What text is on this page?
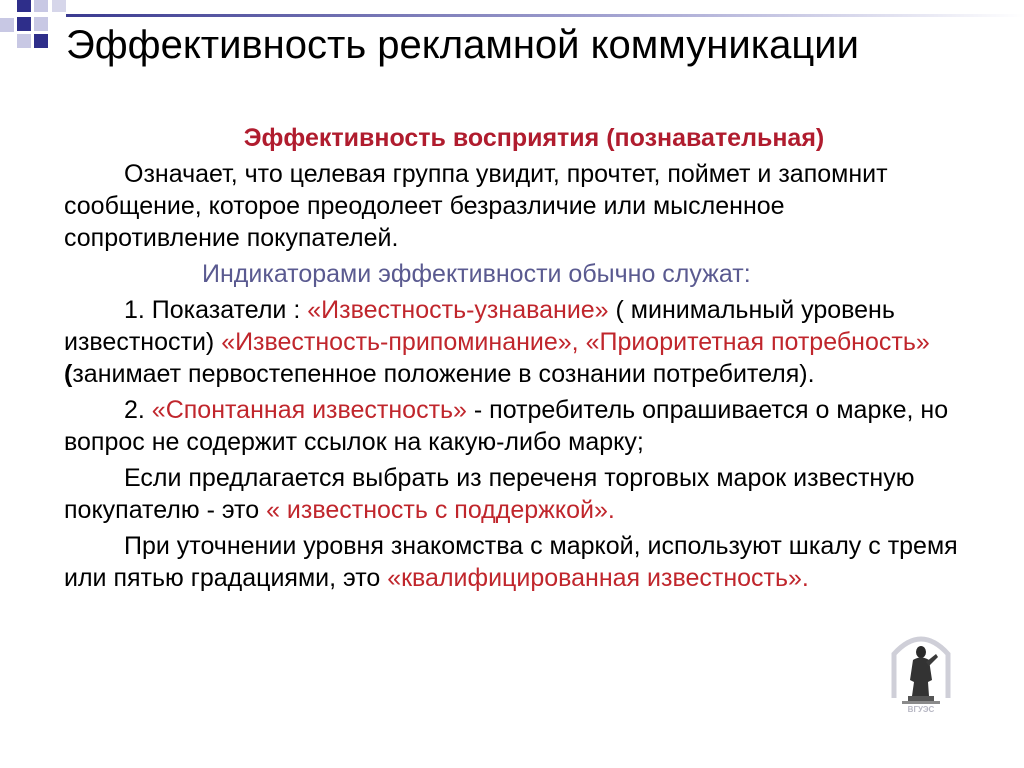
Эффективность рекламной коммуникации
Эффективность восприятия (познавательная)

Означает, что целевая группа увидит, прочтет, поймет и запомнит сообщение, которое преодолеет безразличие или мысленное сопротивление покупателей.

Индикаторами эффективности обычно служат:

1. Показатели : «Известность-узнавание» ( минимальный уровень известности) «Известность-припоминание», «Приоритетная потребность» (занимает первостепенное положение в сознании потребителя).

2. «Спонтанная известность» - потребитель опрашивается о марке, но вопрос не содержит ссылок на какую-либо марку;

Если предлагается выбрать из переченя торговых марок известную покупателю - это « известность с поддержкой».

При уточнении уровня знакомства с маркой, используют шкалу с тремя или пятью градациями, это «квалифицированная известность».

ВГУЭС
